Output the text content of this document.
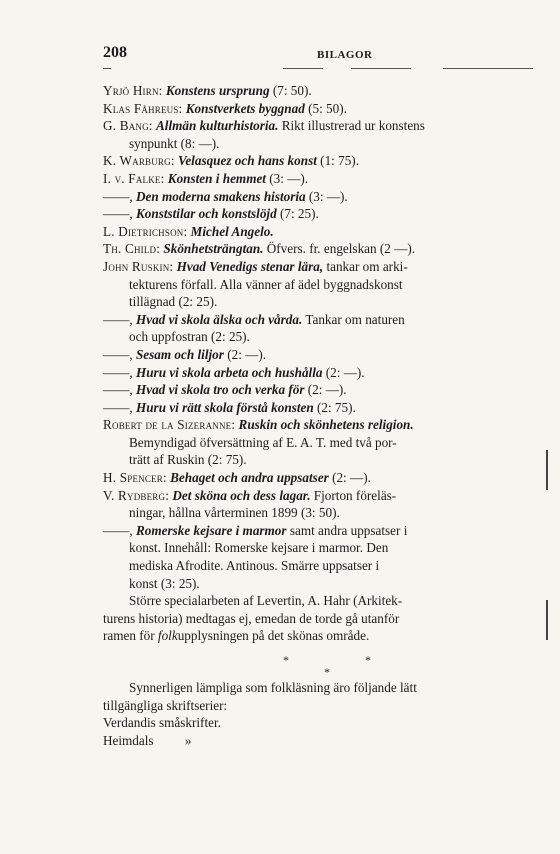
208	BILAGOR
Yrjö Hirn: Konstens ursprung (7: 50).
Klas Fåhreus: Konstverkets byggnad (5: 50).
G. Bang: Allmän kulturhistoria. Rikt illustrerad ur konstens
synpunkt (8: —).
K. Warburg: Velasquez och hans konst (1: 75).
I. v. Falke: Konsten i hemmet (3: —).
——, Den moderna smakens historia (3: —).
——, Konststilar och konstslöjd (7: 25).
L. Dietrichson: Michel Angelo.
Th. Child: Skönhetsträngtan. Öfvers. fr. engelskan (2 —).
John Ruskin: Hvad Venedigs stenar lära, tankar om arki-
tekturens förfall. Alla vänner af ädel byggnadskonst
tillägnad (2: 25).
——, Hvad vi skola älska och vårda. Tankar om naturen
och uppfostran (2: 25).
——, Sesam och liljor (2: —).
——, Huru vi skola arbeta och hushålla (2: —).
——, Hvad vi skola tro och verka för (2: —).
——, Huru vi rätt skola förstå konsten (2: 75).
Robert de la Sizeranne: Ruskin och skönhetens religion.
Bemyndigad öfversättning af E. A. T. med två por-
trätt af Ruskin (2: 75).
H. Spencer: Behaget och andra uppsatser (2: —).
V. Rydberg: Det sköna och dess lagar. Fjorton föreläs-
ningar, hållna vårterminen 1899 (3: 50).
——, Romerske kejsare i marmor samt andra uppsatser i
konst. Innehåll: Romerske kejsare i marmor. Den
mediska Afrodite. Antinous. Smärre uppsatser i
konst (3: 25).
Större specialarbeten af Levertin, A. Hahr (Arkitek-
turens historia) medtagas ej, emedan de torde gå utanför
ramen för folkupplysningen på det skönas område.
*	*
*
Synnerligen lämpliga som folkläsning äro följande lätt
tillgängliga skriftserier:
Verdandis småskrifter.
Heimdals »
